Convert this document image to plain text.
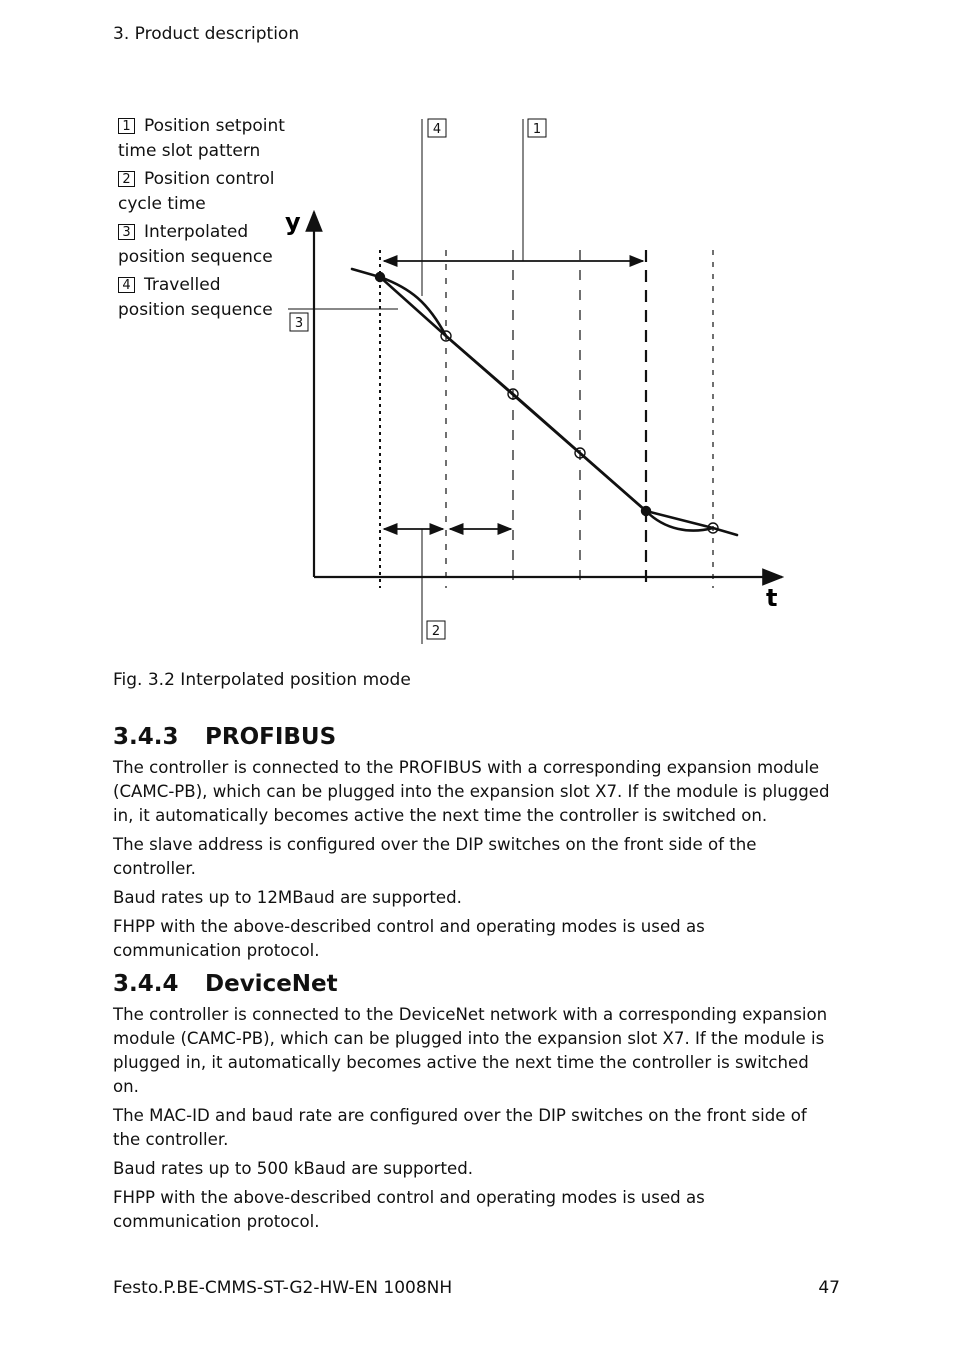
3. Product description
1 Position setpoint time slot pattern
2 Position control cycle time
3 Interpolated position sequence
4 Travelled position sequence
y
t
4	1
3
2
Fig. 3.2 Interpolated position mode
3.4.3 PROFIBUS

The controller is connected to the PROFIBUS with a corresponding expansion module (CAMC-PB), which can be plugged into the expansion slot X7. If the module is plugged in, it automatically becomes active the next time the controller is switched on.

The slave address is configured over the DIP switches on the front side of the controller.

Baud rates up to 12MBaud are supported.

FHPP with the above-described control and operating modes is used as communication protocol.

3.4.4 DeviceNet

The controller is connected to the DeviceNet network with a corresponding expansion module (CAMC-PB), which can be plugged into the expansion slot X7. If the module is plugged in, it automatically becomes active the next time the controller is switched on.

The MAC-ID and baud rate are configured over the DIP switches on the front side of the controller.

Baud rates up to 500 kBaud are supported.

FHPP with the above-described control and operating modes is used as communication protocol.

Festo.P.BE-CMMS-ST-G2-HW-EN 1008NH	47
